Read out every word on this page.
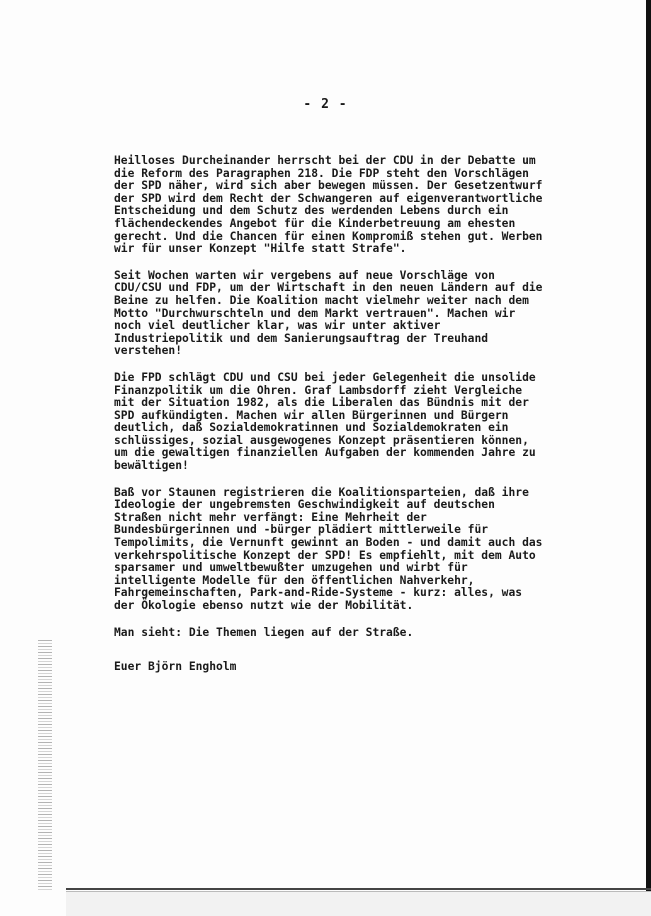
- 2 -

Heilloses Durcheinander herrscht bei der CDU in der Debatte um
die Reform des Paragraphen 218. Die FDP steht den Vorschlägen
der SPD näher, wird sich aber bewegen müssen. Der Gesetzentwurf
der SPD wird dem Recht der Schwangeren auf eigenverantwortliche
Entscheidung und dem Schutz des werdenden Lebens durch ein
flächendeckendes Angebot für die Kinderbetreuung am ehesten
gerecht. Und die Chancen für einen Kompromiß stehen gut. Werben
wir für unser Konzept "Hilfe statt Strafe".

Seit Wochen warten wir vergebens auf neue Vorschläge von
CDU/CSU und FDP, um der Wirtschaft in den neuen Ländern auf die
Beine zu helfen. Die Koalition macht vielmehr weiter nach dem
Motto "Durchwurschteln und dem Markt vertrauen". Machen wir
noch viel deutlicher klar, was wir unter aktiver
Industriepolitik und dem Sanierungsauftrag der Treuhand
verstehen!

Die FPD schlägt CDU und CSU bei jeder Gelegenheit die unsolide
Finanzpolitik um die Ohren. Graf Lambsdorff zieht Vergleiche
mit der Situation 1982, als die Liberalen das Bündnis mit der
SPD aufkündigten. Machen wir allen Bürgerinnen und Bürgern
deutlich, daß Sozialdemokratinnen und Sozialdemokraten ein
schlüssiges, sozial ausgewogenes Konzept präsentieren können,
um die gewaltigen finanziellen Aufgaben der kommenden Jahre zu
bewältigen!

Baß vor Staunen registrieren die Koalitionsparteien, daß ihre
Ideologie der ungebremsten Geschwindigkeit auf deutschen
Straßen nicht mehr verfängt: Eine Mehrheit der
Bundesbürgerinnen und -bürger plädiert mittlerweile für
Tempolimits, die Vernunft gewinnt an Boden - und damit auch das
verkehrspolitische Konzept der SPD! Es empfiehlt, mit dem Auto
sparsamer und umweltbewußter umzugehen und wirbt für
intelligente Modelle für den öffentlichen Nahverkehr,
Fahrgemeinschaften, Park-and-Ride-Systeme - kurz: alles, was
der Ökologie ebenso nutzt wie der Mobilität.

Man sieht: Die Themen liegen auf der Straße.

Euer Björn Engholm
